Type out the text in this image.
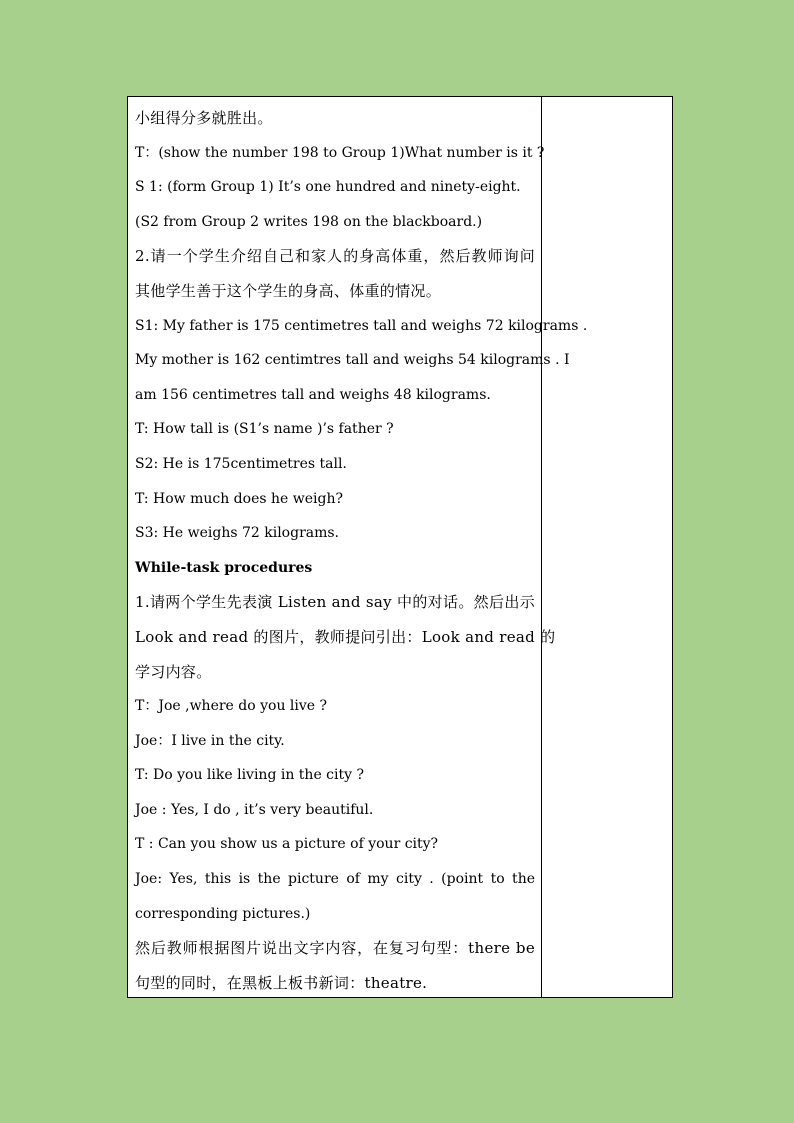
小组得分多就胜出。
T：(show the number 198 to Group 1)What number is it ?
S 1: (form Group 1) It’s one hundred and ninety-eight.
(S2 from Group 2 writes 198 on the blackboard.)
2.请一个学生介绍自己和家人的身高体重，然后教师询问
其他学生善于这个学生的身高、体重的情况。
S1: My father is 175 centimetres tall and weighs 72 kilograms .
My mother is 162 centimtres tall and weighs 54 kilograms . I
am 156 centimetres tall and weighs 48 kilograms.
T: How tall is (S1’s name )’s father ?
S2: He is 175centimetres tall.
T: How much does he weigh?
S3: He weighs 72 kilograms.
While-task procedures
1.请两个学生先表演 Listen and say 中的对话。然后出示
Look and read 的图片，教师提问引出：Look and read 的
学习内容。
T：Joe ,where do you live ?
Joe：I live in the city.
T: Do you like living in the city ?
Joe : Yes, I do , it’s very beautiful.
T : Can you show us a picture of your city?
Joe: Yes, this is the picture of my city . (point to the
corresponding pictures.)
然后教师根据图片说出文字内容，在复习句型：there be
句型的同时，在黑板上板书新词：theatre.
